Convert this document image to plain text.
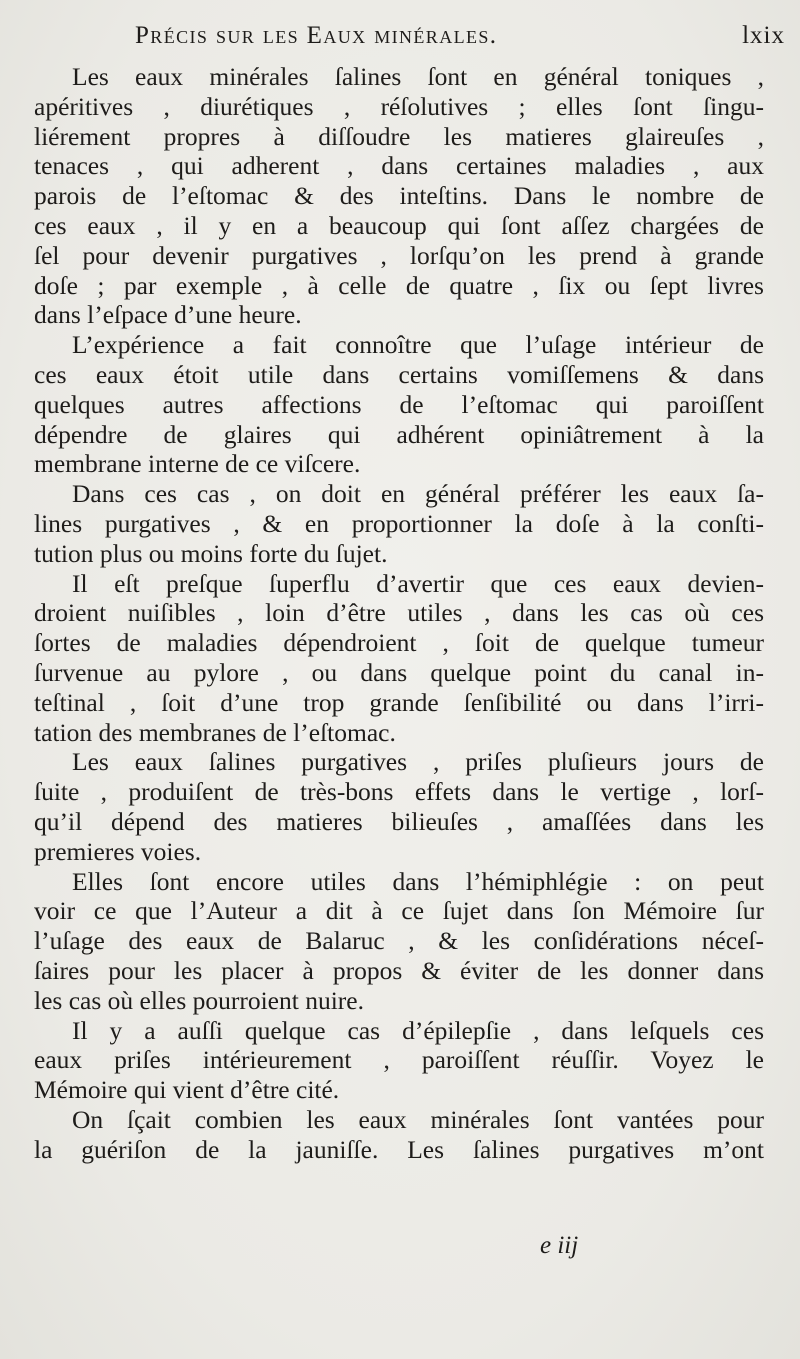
Précis sur les Eaux minérales.	lxix
Les eaux minérales ſalines ſont en général toniques ,
apéritives , diurétiques , réſolutives ; elles ſont ſingu-
liérement propres à diſſoudre les matieres glaireuſes ,
tenaces , qui adherent , dans certaines maladies , aux
parois de l’eſtomac & des inteſtins. Dans le nombre de
ces eaux , il y en a beaucoup qui ſont aſſez chargées de
ſel pour devenir purgatives , lorſqu’on les prend à grande
doſe ; par exemple , à celle de quatre , ſix ou ſept livres
dans l’eſpace d’une heure.
L’expérience a fait connoître que l’uſage intérieur de
ces eaux étoit utile dans certains vomiſſemens & dans
quelques autres affections de l’eſtomac qui paroiſſent
dépendre de glaires qui adhérent opiniâtrement à la
membrane interne de ce viſcere.
Dans ces cas , on doit en général préférer les eaux ſa-
lines purgatives , & en proportionner la doſe à la conſti-
tution plus ou moins forte du ſujet.
Il eſt preſque ſuperflu d’avertir que ces eaux devien-
droient nuiſibles , loin d’être utiles , dans les cas où ces
ſortes de maladies dépendroient , ſoit de quelque tumeur
ſurvenue au pylore , ou dans quelque point du canal in-
teſtinal , ſoit d’une trop grande ſenſibilité ou dans l’irri-
tation des membranes de l’eſtomac.
Les eaux ſalines purgatives , priſes pluſieurs jours de
ſuite , produiſent de très-bons effets dans le vertige , lorſ-
qu’il dépend des matieres bilieuſes , amaſſées dans les
premieres voies.
Elles ſont encore utiles dans l’hémiphlégie : on peut
voir ce que l’Auteur a dit à ce ſujet dans ſon Mémoire ſur
l’uſage des eaux de Balaruc , & les conſidérations néceſ-
ſaires pour les placer à propos & éviter de les donner dans
les cas où elles pourroient nuire.
Il y a auſſi quelque cas d’épilepſie , dans leſquels ces
eaux priſes intérieurement , paroiſſent réuſſir. Voyez le
Mémoire qui vient d’être cité.
On ſçait combien les eaux minérales ſont vantées pour
la guériſon de la jauniſſe. Les ſalines purgatives m’ont
e iij
